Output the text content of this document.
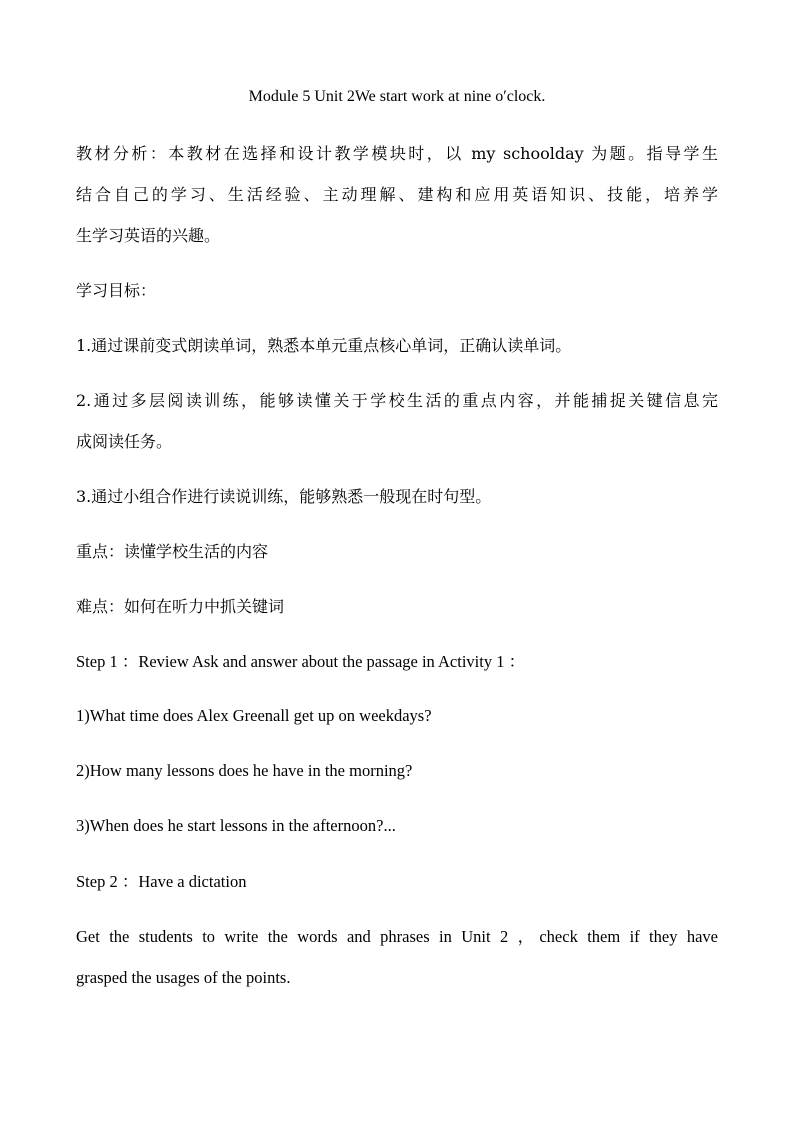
Module 5 Unit 2We start work at nine o′clock.
教材分析：本教材在选择和设计教学模块时，以 my schoolday 为题。指导学生
结合自己的学习、生活经验、主动理解、建构和应用英语知识、技能，培养学
生学习英语的兴趣。
学习目标：
1.通过课前变式朗读单词，熟悉本单元重点核心单词，正确认读单词。
2.通过多层阅读训练，能够读懂关于学校生活的重点内容，并能捕捉关键信息完
成阅读任务。
3.通过小组合作进行读说训练，能够熟悉一般现在时句型。
重点：读懂学校生活的内容
难点：如何在听力中抓关键词
Step 1 ：Review Ask and answer about the passage in Activity 1 ：
1)What time does Alex Greenall get up on weekdays?
2)How many lessons does he have in the morning?
3)When does he start lessons in the afternoon?...
Step 2 ：Have a dictation
Get the students to write the words and phrases in Unit 2 ，check them if they have
grasped the usages of the points.
